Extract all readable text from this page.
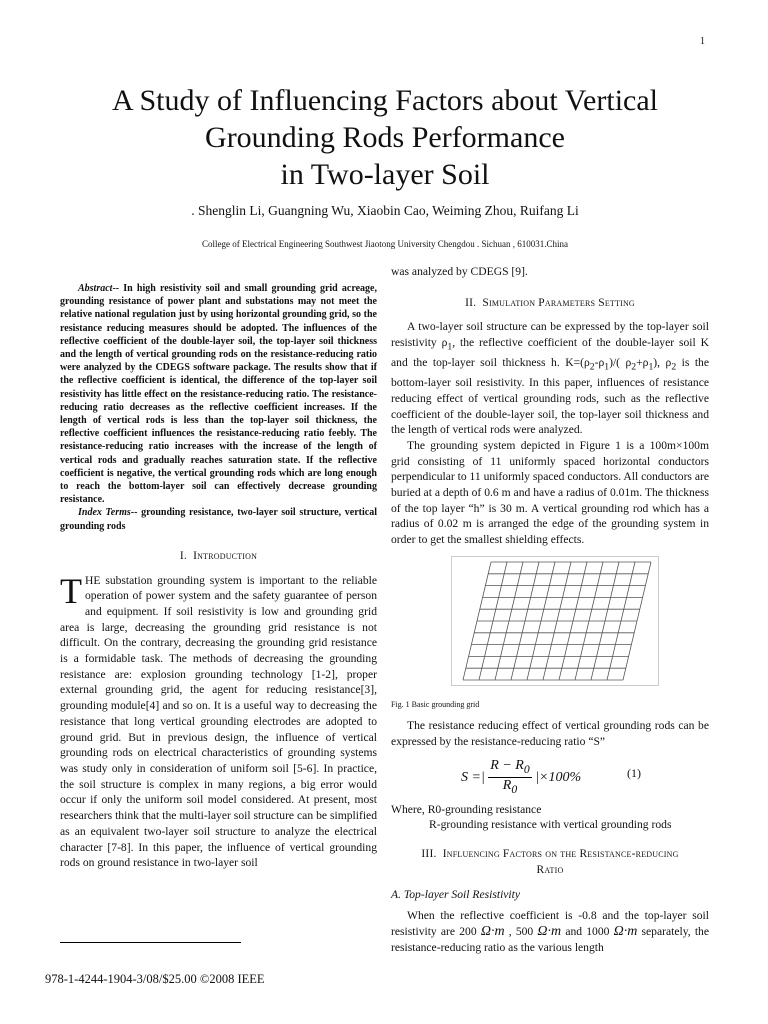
1
A Study of Influencing Factors about Vertical
Grounding Rods Performance
in Two-layer Soil
. Shenglin Li, Guangning Wu, Xiaobin Cao, Weiming Zhou, Ruifang Li
College of Electrical Engineering Southwest Jiaotong University Chengdou . Sichuan , 610031.China

Abstract-- In high resistivity soil and small grounding grid acreage, grounding resistance of power plant and substations may not meet the relative national regulation just by using horizontal grounding grid, so the resistance reducing measures should be adopted. The influences of the reflective coefficient of the double-layer soil, the top-layer soil thickness and the length of vertical grounding rods on the resistance-reducing ratio were analyzed by the CDEGS software package. The results show that if the reflective coefficient is identical, the difference of the top-layer soil resistivity has little effect on the resistance-reducing ratio. The resistance-reducing ratio decreases as the reflective coefficient increases. If the length of vertical rods is less than the top-layer soil thickness, the reflective coefficient influences the resistance-reducing ratio feebly. The resistance-reducing ratio increases with the increase of the length of vertical rods and gradually reaches saturation state. If the reflective coefficient is negative, the vertical grounding rods which are long enough to reach the bottom-layer soil can effectively decrease grounding resistance.

Index Terms-- grounding resistance, two-layer soil structure, vertical grounding rods

I. Introduction

THE substation grounding system is important to the reliable operation of power system and the safety guarantee of person and equipment. If soil resistivity is low and grounding grid area is large, decreasing the grounding grid resistance is not difficult. On the contrary, decreasing the grounding grid resistance is a formidable task. The methods of decreasing the grounding resistance are: explosion grounding technology [1-2], proper external grounding grid, the agent for reducing resistance[3], grounding module[4] and so on. It is a useful way to decreasing the resistance that long vertical grounding electrodes are adopted to ground grid. But in previous design, the influence of vertical grounding rods on electrical characteristics of grounding systems was study only in consideration of uniform soil [5-6]. In practice, the soil structure is complex in many regions, a big error would occur if only the uniform soil model considered. At present, most researchers think that the multi-layer soil structure can be simplified as an equivalent two-layer soil structure to analyze the electrical character [7-8]. In this paper, the influence of vertical grounding rods on ground resistance in two-layer soil

978-1-4244-1904-3/08/$25.00 ©2008 IEEE

was analyzed by CDEGS [9].

II. Simulation Parameters Setting

A two-layer soil structure can be expressed by the top-layer soil resistivity $\rho_1$, the reflective coefficient of the double-layer soil K and the top-layer soil thickness h. $K=(\rho_2-\rho_1)/$( $\rho_2+\rho_1$), $\rho_2$ is the bottom-layer soil resistivity. In this paper, influences of resistance reducing effect of vertical grounding rods, such as the reflective coefficient of the double-layer soil, the top-layer soil thickness and the length of vertical rods were analyzed.

The grounding system depicted in Figure 1 is a 100m×100m grid consisting of 11 uniformly spaced horizontal conductors perpendicular to 11 uniformly spaced conductors. All conductors are buried at a depth of 0.6 m and have a radius of 0.01m. The thickness of the top layer “h” is 30 m. A vertical grounding rod which has a radius of 0.02 m is arranged the edge of the grounding system in order to get the smallest shielding effects.

Fig. 1 Basic grounding grid

The resistance reducing effect of vertical grounding rods can be expressed by the resistance-reducing ratio “S”

S =| $\frac{R - R_0}{R_0} |\times 100\%$	(1)

Where, R0-grounding resistance

R-grounding resistance with vertical grounding rods

III. Influencing Factors on the Resistance-reducing
Ratio

A. Top-layer Soil Resistivity

When the reflective coefficient is -0.8 and the top-layer soil resistivity are 200 Ω·m , 500 Ω·m and 1000 Ω·m separately, the resistance-reducing ratio as the various length
